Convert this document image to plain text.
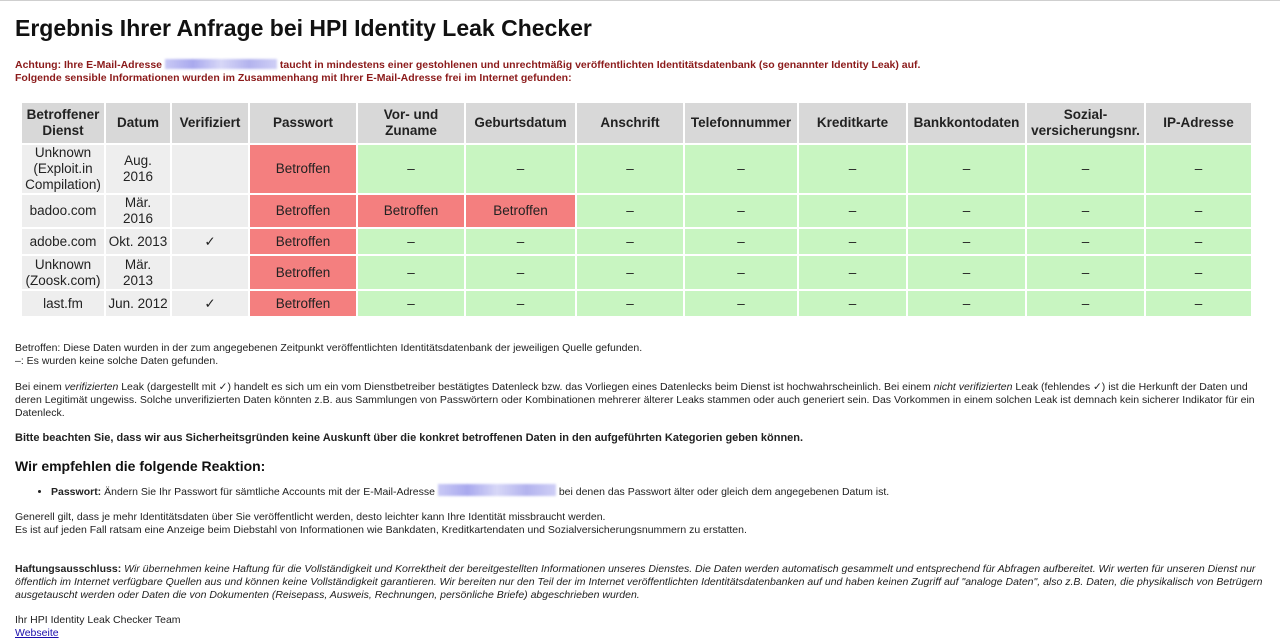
Ergebnis Ihrer Anfrage bei HPI Identity Leak Checker
Achtung: Ihre E-Mail-Adresse	taucht in mindestens einer gestohlenen und unrechtmäßig veröffentlichten Identitätsdatenbank (so genannter Identity Leak) auf.
Folgende sensible Informationen wurden im Zusammenhang mit Ihrer E-Mail-Adresse frei im Internet gefunden:
Betroffener Dienst	Datum	Verifiziert	Passwort	Vor- und Zuname	Geburtsdatum	Anschrift	Telefonnummer	Kreditkarte	Bankkontodaten	Sozial-versicherungsnr.	IP-Adresse
Unknown (Exploit.in Compilation)	Aug. 2016		Betroffen	–	–	–	–	–	–	–	–
badoo.com	Mär. 2016		Betroffen	Betroffen	Betroffen	–	–	–	–	–	–
adobe.com	Okt. 2013	✓	Betroffen	–	–	–	–	–	–	–	–
Unknown (Zoosk.com)	Mär. 2013		Betroffen	–	–	–	–	–	–	–	–
last.fm	Jun. 2012	✓	Betroffen	–	–	–	–	–	–	–	–
Betroffen: Diese Daten wurden in der zum angegebenen Zeitpunkt veröffentlichten Identitätsdatenbank der jeweiligen Quelle gefunden.
–: Es wurden keine solche Daten gefunden.
Bei einem verifizierten Leak (dargestellt mit ✓) handelt es sich um ein vom Dienstbetreiber bestätigtes Datenleck bzw. das Vorliegen eines Datenlecks beim Dienst ist hochwahrscheinlich. Bei einem nicht verifizierten Leak (fehlendes ✓) ist die Herkunft der Daten und deren Legitimät ungewiss. Solche unverifizierten Daten könnten z.B. aus Sammlungen von Passwörtern oder Kombinationen mehrerer älterer Leaks stammen oder auch generiert sein. Das Vorkommen in einem solchen Leak ist demnach kein sicherer Indikator für ein Datenleck.
Bitte beachten Sie, dass wir aus Sicherheitsgründen keine Auskunft über die konkret betroffenen Daten in den aufgeführten Kategorien geben können.
Wir empfehlen die folgende Reaktion:
• Passwort: Ändern Sie Ihr Passwort für sämtliche Accounts mit der E-Mail-Adresse	bei denen das Passwort älter oder gleich dem angegebenen Datum ist.
Generell gilt, dass je mehr Identitätsdaten über Sie veröffentlicht werden, desto leichter kann Ihre Identität missbraucht werden.
Es ist auf jeden Fall ratsam eine Anzeige beim Diebstahl von Informationen wie Bankdaten, Kreditkartendaten und Sozialversicherungsnummern zu erstatten.
Haftungsausschluss: Wir übernehmen keine Haftung für die Vollständigkeit und Korrektheit der bereitgestellten Informationen unseres Dienstes. Die Daten werden automatisch gesammelt und entsprechend für Abfragen aufbereitet. Wir werten für unseren Dienst nur öffentlich im Internet verfügbare Quellen aus und können keine Vollständigkeit garantieren. Wir bereiten nur den Teil der im Internet veröffentlichten Identitätsdatenbanken auf und haben keinen Zugriff auf "analoge Daten", also z.B. Daten, die physikalisch von Betrügern ausgetauscht werden oder Daten die von Dokumenten (Reisepass, Ausweis, Rechnungen, persönliche Briefe) abgeschrieben wurden.
Ihr HPI Identity Leak Checker Team
Webseite
